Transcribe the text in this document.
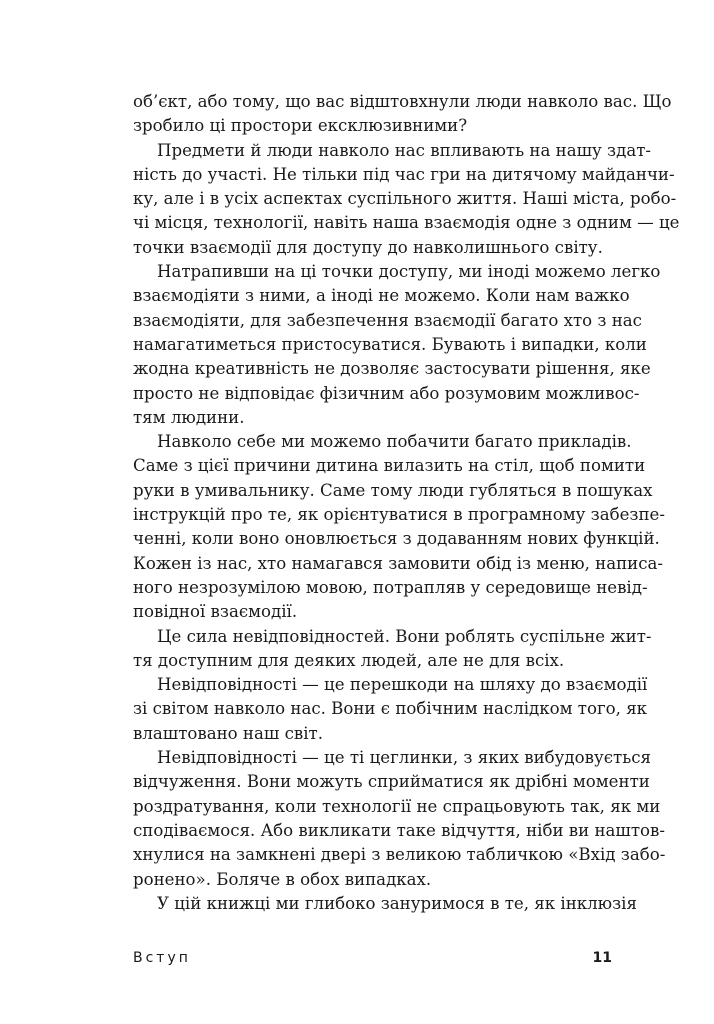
об’єкт, або тому, що вас відштовхнули люди навколо вас. Що
зробило ці простори ексклюзивними?
Предмети й люди навколо нас впливають на нашу здат-
ність до участі. Не тільки під час гри на дитячому майданчи-
ку, але і в усіх аспектах суспільного життя. Наші міста, робо-
чі місця, технології, навіть наша взаємодія одне з одним — це
точки взаємодії для доступу до навколишнього світу.
Натрапивши на ці точки доступу, ми іноді можемо легко
взаємодіяти з ними, а іноді не можемо. Коли нам важко
взаємодіяти, для забезпечення взаємодії багато хто з нас
намагатиметься пристосуватися. Бувають і випадки, коли
жодна креативність не дозволяє застосувати рішення, яке
просто не відповідає фізичним або розумовим можливос-
тям людини.
Навколо себе ми можемо побачити багато прикладів.
Саме з цієї причини дитина вилазить на стіл, щоб помити
руки в умивальнику. Саме тому люди губляться в пошуках
інструкцій про те, як орієнтуватися в програмному забезпе-
ченні, коли воно оновлюється з додаванням нових функцій.
Кожен із нас, хто намагався замовити обід із меню, написа-
ного незрозумілою мовою, потрапляв у середовище невід-
повідної взаємодії.
Це сила невідповідностей. Вони роблять суспільне жит-
тя доступним для деяких людей, але не для всіх.
Невідповідності — це перешкоди на шляху до взаємодії
зі світом навколо нас. Вони є побічним наслідком того, як
влаштовано наш світ.
Невідповідності — це ті цеглинки, з яких вибудовується
відчуження. Вони можуть сприйматися як дрібні моменти
роздратування, коли технології не спрацьовують так, як ми
сподіваємося. Або викликати таке відчуття, ніби ви наштов-
хнулися на замкнені двері з великою табличкою «Вхід забо-
ронено». Боляче в обох випадках.
У цій книжці ми глибоко зануримося в те, як інклюзія
Вступ	11
